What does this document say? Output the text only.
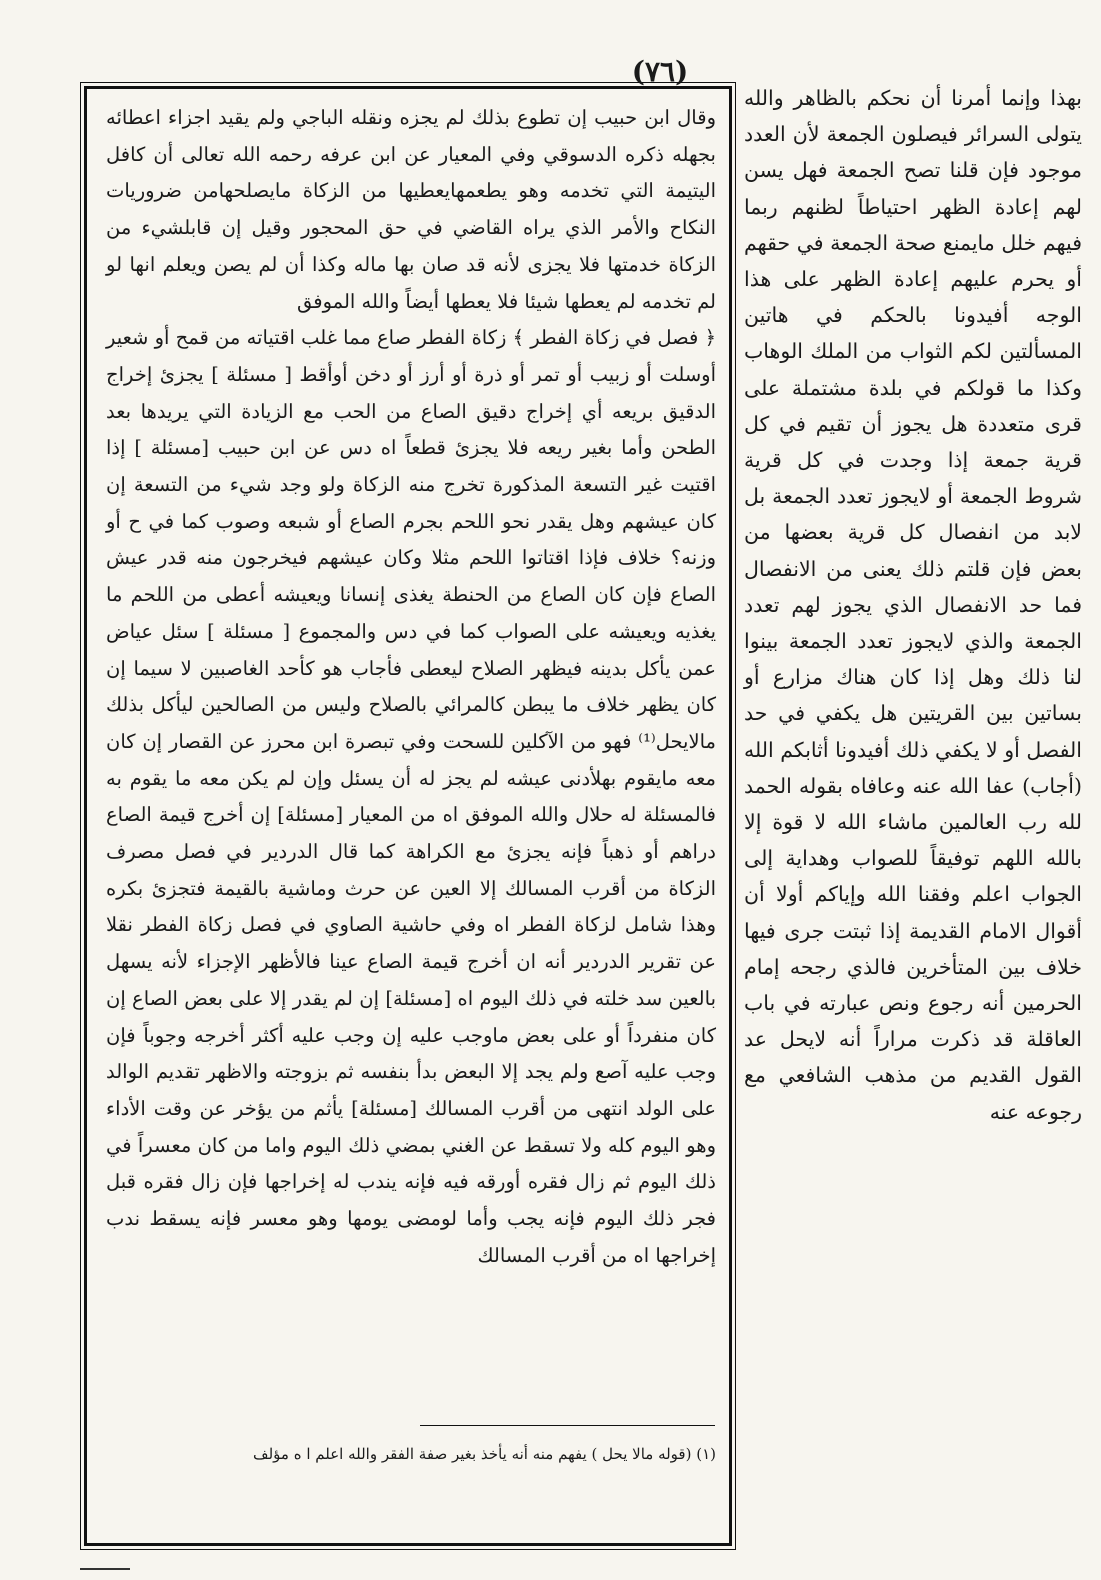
(٧٦)

وقال ابن حبيب إن تطوع بذلك لم يجزه ونقله الباجي ولم يقيد اجزاء اعطائه بجهله ذكره الدسوقي وفي المعيار عن ابن عرفه رحمه الله تعالى أن كافل اليتيمة التي تخدمه وهو يطعمهايعطيها من الزكاة مايصلحهامن ضروريات النكاح والأمر الذي يراه القاضي في حق المحجور وقيل إن قابلشيء من الزكاة خدمتها فلا يجزى لأنه قد صان بها ماله وكذا أن لم يصن ويعلم انها لو لم تخدمه لم يعطها شيئا فلا يعطها أيضاً والله الموفق

﴿ فصل في زكاة الفطر ﴾ زكاة الفطر صاع مما غلب اقتياته من قمح أو شعير أوسلت أو زبيب أو تمر أو ذرة أو أرز أو دخن أوأقط [ مسئلة ] يجزئ إخراج الدقيق بريعه أي إخراج دقيق الصاع من الحب مع الزيادة التي يريدها بعد الطحن وأما بغير ريعه فلا يجزئ قطعاً اه دس عن ابن حبيب [مسئلة ] إذا اقتيت غير التسعة المذكورة تخرج منه الزكاة ولو وجد شيء من التسعة إن كان عيشهم وهل يقدر نحو اللحم بجرم الصاع أو شبعه وصوب كما في ح أو وزنه؟ خلاف فإذا اقتاتوا اللحم مثلا وكان عيشهم فيخرجون منه قدر عيش الصاع فإن كان الصاع من الحنطة يغذى إنسانا ويعيشه أعطى من اللحم ما يغذيه ويعيشه على الصواب كما في دس والمجموع [ مسئلة ] سئل عياض عمن يأكل بدينه فيظهر الصلاح ليعطى فأجاب هو كأحد الغاصبين لا سيما إن كان يظهر خلاف ما يبطن كالمرائي بالصلاح وليس من الصالحين ليأكل بذلك مالايحل⁽¹⁾ فهو من الآكلين للسحت وفي تبصرة ابن محرز عن القصار إن كان معه مايقوم بهلأدنى عيشه لم يجز له أن يسئل وإن لم يكن معه ما يقوم به فالمسئلة له حلال والله الموفق اه من المعيار [مسئلة] إن أخرج قيمة الصاع دراهم أو ذهباً فإنه يجزئ مع الكراهة كما قال الدردير في فصل مصرف الزكاة من أقرب المسالك إلا العين عن حرث وماشية بالقيمة فتجزئ بكره وهذا شامل لزكاة الفطر اه وفي حاشية الصاوي في فصل زكاة الفطر نقلا عن تقرير الدردير أنه ان أخرج قيمة الصاع عينا فالأظهر الإجزاء لأنه يسهل بالعين سد خلته في ذلك اليوم اه [مسئلة] إن لم يقدر إلا على بعض الصاع إن كان منفرداً أو على بعض ماوجب عليه إن وجب عليه أكثر أخرجه وجوباً فإن وجب عليه آصع ولم يجد إلا البعض بدأ بنفسه ثم بزوجته والاظهر تقديم الوالد على الولد انتهى من أقرب المسالك [مسئلة] يأثم من يؤخر عن وقت الأداء وهو اليوم كله ولا تسقط عن الغني بمضي ذلك اليوم واما من كان معسراً في ذلك اليوم ثم زال فقره أورقه فيه فإنه يندب له إخراجها فإن زال فقره قبل فجر ذلك اليوم فإنه يجب وأما لومضى يومها وهو معسر فإنه يسقط ندب إخراجها اه من أقرب المسالك

(١) (قوله مالا يحل ) يفهم منه أنه يأخذ بغير صفة الفقر والله اعلم ا ه مؤلف

بهذا وإنما أمرنا أن نحكم بالظاهر والله يتولى السرائر فيصلون الجمعة لأن العدد موجود فإن قلنا تصح الجمعة فهل يسن لهم إعادة الظهر احتياطاً لظنهم ربما فيهم خلل مايمنع صحة الجمعة في حقهم أو يحرم عليهم إعادة الظهر على هذا الوجه أفيدونا بالحكم في هاتين المسألتين لكم الثواب من الملك الوهاب وكذا ما قولكم في بلدة مشتملة على قرى متعددة هل يجوز أن تقيم في كل قرية جمعة إذا وجدت في كل قرية شروط الجمعة أو لايجوز تعدد الجمعة بل لابد من انفصال كل قرية بعضها من بعض فإن قلتم ذلك يعنى من الانفصال فما حد الانفصال الذي يجوز لهم تعدد الجمعة والذي لايجوز تعدد الجمعة بينوا لنا ذلك وهل إذا كان هناك مزارع أو بساتين بين القريتين هل يكفي في حد الفصل أو لا يكفي ذلك أفيدونا أثابكم الله (أجاب) عفا الله عنه وعافاه بقوله الحمد لله رب العالمين ماشاء الله لا قوة إلا بالله اللهم توفيقاً للصواب وهداية إلى الجواب اعلم وفقنا الله وإياكم أولا أن أقوال الامام القديمة إذا ثبتت جرى فيها خلاف بين المتأخرين فالذي رجحه إمام الحرمين أنه رجوع ونص عبارته في باب العاقلة قد ذكرت مراراً أنه لايحل عد القول القديم من مذهب الشافعي مع رجوعه عنه
